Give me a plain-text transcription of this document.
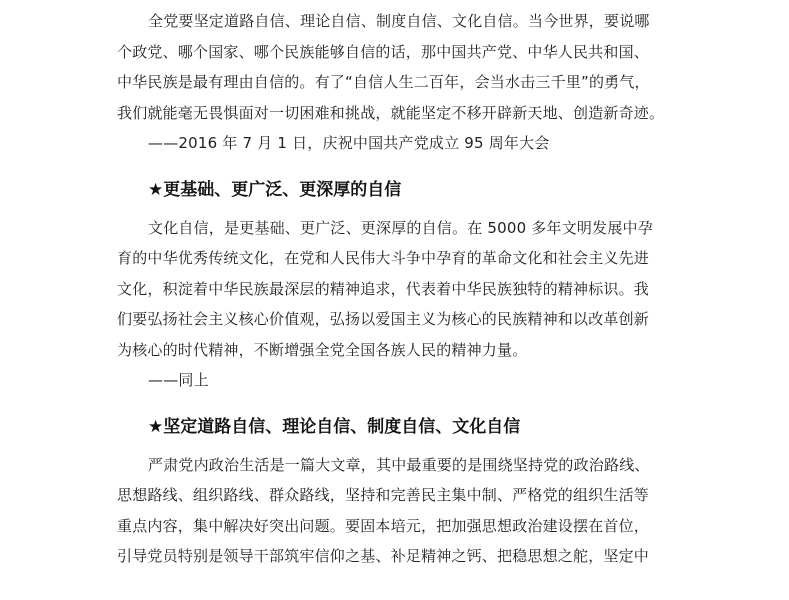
全党要坚定道路自信、理论自信、制度自信、文化自信。当今世界，要说哪
个政党、哪个国家、哪个民族能够自信的话，那中国共产党、中华人民共和国、
中华民族是最有理由自信的。有了“自信人生二百年，会当水击三千里”的勇气，
我们就能毫无畏惧面对一切困难和挑战，就能坚定不移开辟新天地、创造新奇迹。
——2016 年 7 月 1 日，庆祝中国共产党成立 95 周年大会
★更基础、更广泛、更深厚的自信
文化自信，是更基础、更广泛、更深厚的自信。在 5000 多年文明发展中孕
育的中华优秀传统文化，在党和人民伟大斗争中孕育的革命文化和社会主义先进
文化，积淀着中华民族最深层的精神追求，代表着中华民族独特的精神标识。我
们要弘扬社会主义核心价值观，弘扬以爱国主义为核心的民族精神和以改革创新
为核心的时代精神，不断增强全党全国各族人民的精神力量。
——同上
★坚定道路自信、理论自信、制度自信、文化自信
严肃党内政治生活是一篇大文章，其中最重要的是围绕坚持党的政治路线、
思想路线、组织路线、群众路线，坚持和完善民主集中制、严格党的组织生活等
重点内容，集中解决好突出问题。要固本培元，把加强思想政治建设摆在首位，
引导党员特别是领导干部筑牢信仰之基、补足精神之钙、把稳思想之舵，坚定中
